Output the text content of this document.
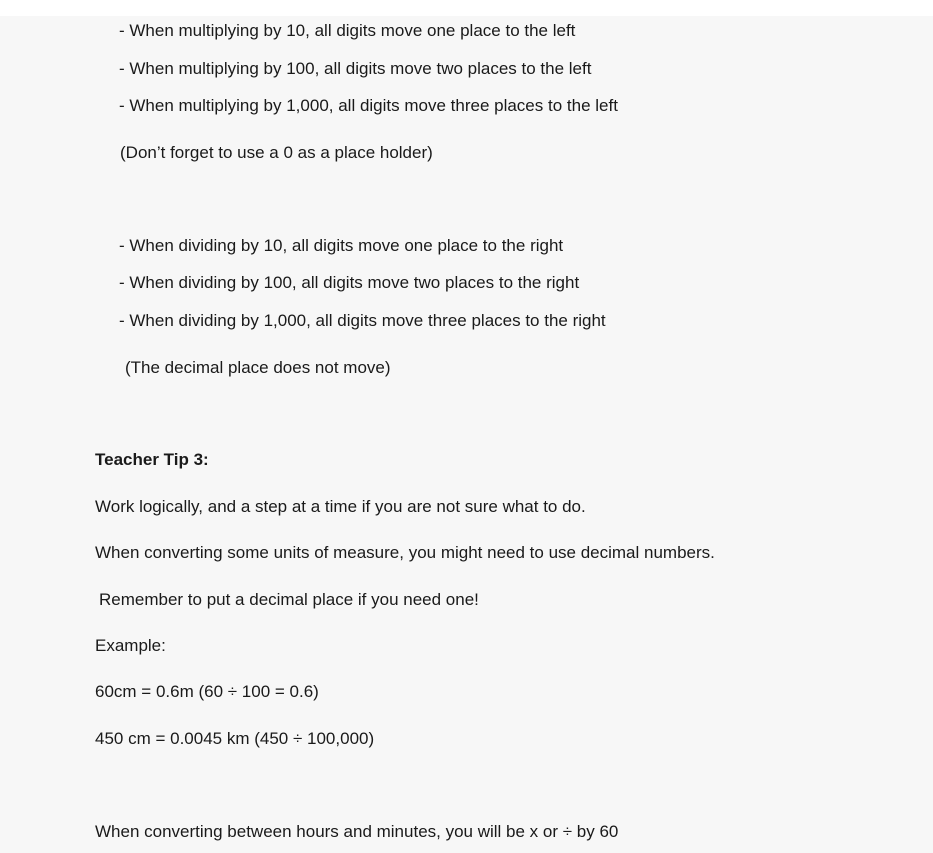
- When multiplying by 10, all digits move one place to the left
- When multiplying by 100, all digits move two places to the left
- When multiplying by 1,000, all digits move three places to the left
(Don’t forget to use a 0 as a place holder)
- When dividing by 10, all digits move one place to the right
- When dividing by 100, all digits move two places to the right
- When dividing by 1,000, all digits move three places to the right
(The decimal place does not move)
Teacher Tip 3:
Work logically, and a step at a time if you are not sure what to do.
When converting some units of measure, you might need to use decimal numbers.
Remember to put a decimal place if you need one!
Example:
60cm = 0.6m (60 ÷ 100 = 0.6)
450 cm = 0.0045 km (450 ÷ 100,000)
When converting between hours and minutes, you will be x or ÷ by 60
